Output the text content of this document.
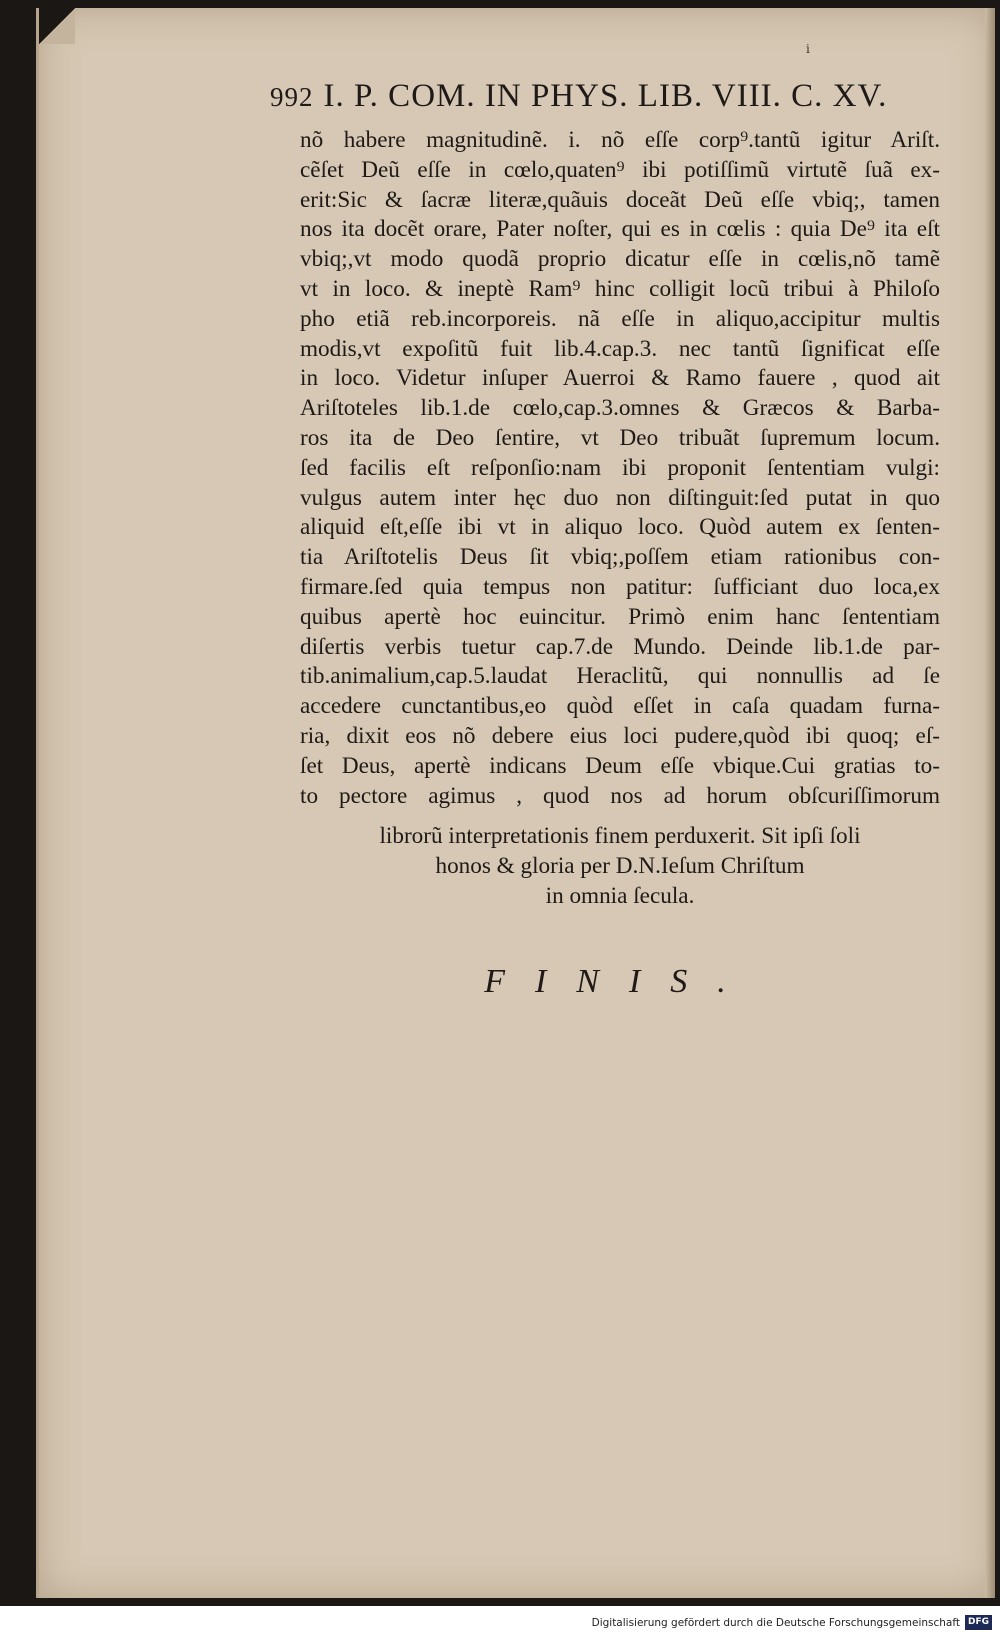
i
992 I. P. COM. IN PHYS. LIB. VIII. C. XV.
nõ habere magnitudinẽ. i. nõ eſſe corp⁹.tantũ igitur Ariſt.
cẽſet Deũ eſſe in cœlo,quaten⁹ ibi potiſſimũ virtutẽ ſuã ex-
erit:Sic & ſacræ literæ,quãuis doceãt Deũ eſſe vbiq;, tamen
nos ita docẽt orare, Pater noſter, qui es in cœlis : quia De⁹ ita eſt
vbiq;,vt modo quodã proprio dicatur eſſe in cœlis,nõ tamẽ
vt in loco. & ineptè Ram⁹ hinc colligit locũ tribui à Philoſo
pho etiã reb.incorporeis. nã eſſe in aliquo,accipitur multis
modis,vt expoſitũ fuit lib.4.cap.3. nec tantũ ſignificat eſſe
in loco. Videtur inſuper Auerroi & Ramo fauere , quod ait
Ariſtoteles lib.1.de cœlo,cap.3.omnes & Græcos & Barba-
ros ita de Deo ſentire, vt Deo tribuãt ſupremum locum.
ſed facilis eſt reſponſio:nam ibi proponit ſententiam vulgi:
vulgus autem inter hęc duo non diſtinguit:ſed putat in quo
aliquid eſt,eſſe ibi vt in aliquo loco. Quòd autem ex ſenten-
tia Ariſtotelis Deus ſit vbiq;,poſſem etiam rationibus con-
firmare.ſed quia tempus non patitur: ſufficiant duo loca,ex
quibus apertè hoc euincitur. Primò enim hanc ſententiam
diſertis verbis tuetur cap.7.de Mundo. Deinde lib.1.de par-
tib.animalium,cap.5.laudat Heraclitũ, qui nonnullis ad ſe
accedere cunctantibus,eo quòd eſſet in caſa quadam furna-
ria, dixit eos nõ debere eius loci pudere,quòd ibi quoq; eſ-
ſet Deus, apertè indicans Deum eſſe vbique.Cui gratias to-
to pectore agimus , quod nos ad horum obſcuriſſimorum
librorũ interpretationis finem perduxerit. Sit ipſi ſoli
honos & gloria per D.N.Ieſum Chriſtum
in omnia ſecula.
FINIS.
Digitalisierung gefördert durch die Deutsche Forschungsgemeinschaft DFG
